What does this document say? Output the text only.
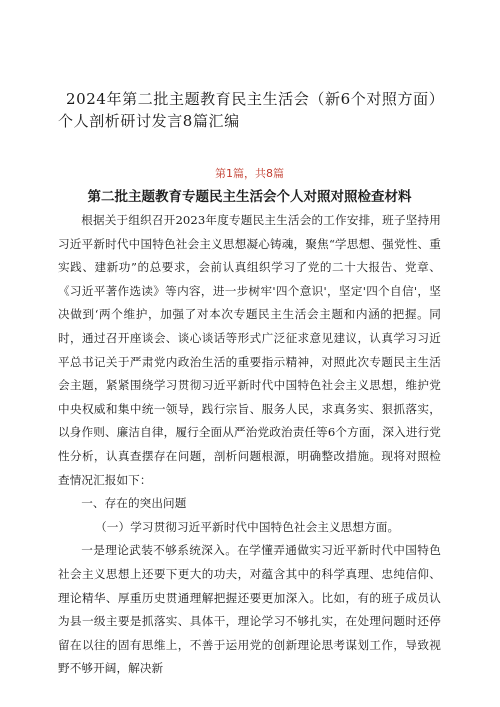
2024年第二批主题教育民主生活会（新6个对照方面）个人剖析研讨发言8篇汇编
第1篇，共8篇
第二批主题教育专题民主生活会个人对照对照检查材料

根据关于组织召开2023年度专题民主生活会的工作安排，班子坚持用习近平新时代中国特色社会主义思想凝心铸魂，聚焦“学思想、强党性、重实践、建新功”的总要求，会前认真组织学习了党的二十大报告、党章、《习近平著作选读》等内容，进一步树牢'四个意识'，坚定'四个自信'，坚决做到‘两个维护，加强了对本次专题民主生活会主题和内涵的把握。同时，通过召开座谈会、谈心谈话等形式广泛征求意见建议，认真学习习近平总书记关于严肃党内政治生活的重要指示精神，对照此次专题民主生活会主题，紧紧围绕学习贯彻习近平新时代中国特色社会主义思想，维护党中央权威和集中统一领导，践行宗旨、服务人民，求真务实、狠抓落实，以身作则、廉洁自律，履行全面从严治党政治责任等6个方面，深入进行党性分析，认真查摆存在问题，剖析问题根源，明确整改措施。现将对照检查情况汇报如下：

一、存在的突出问题

（一）学习贯彻习近平新时代中国特色社会主义思想方面。

一是理论武装不够系统深入。在学懂弄通做实习近平新时代中国特色社会主义思想上还要下更大的功夫，对蕴含其中的科学真理、忠纯信仰、理论精华、厚重历史贯通理解把握还要更加深入。比如，有的班子成员认为县一级主要是抓落实、具体干，理论学习不够扎实，在处理问题时还停留在以往的固有思维上，不善于运用党的创新理论思考谋划工作，导致视野不够开阔，解决新
